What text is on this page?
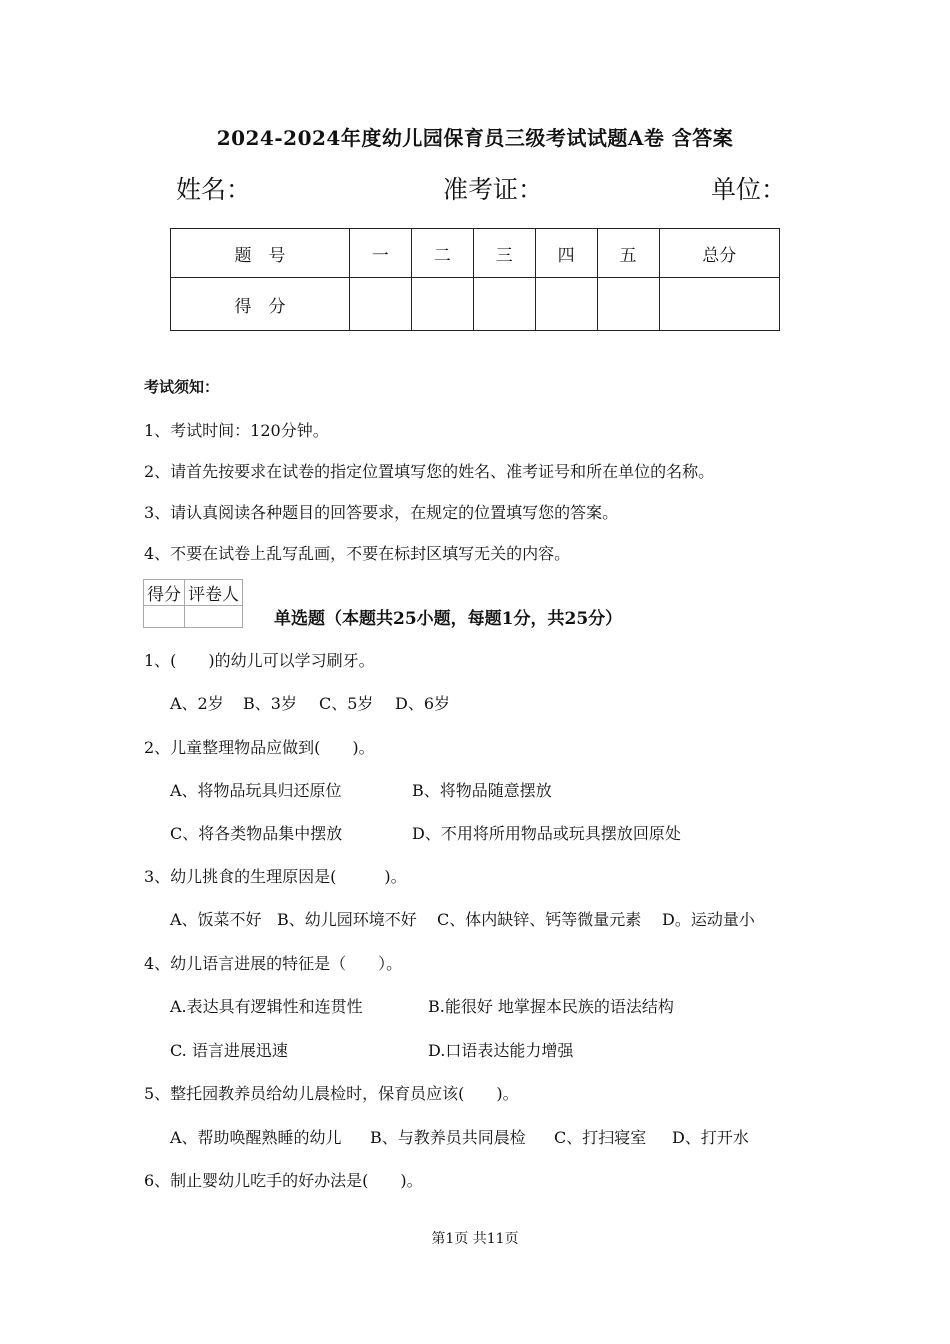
2024-2024年度幼儿园保育员三级考试试题A卷 含答案
姓名：	准考证：	单位：
题　号	一	二	三	四	五	总分
得　分						
考试须知：
1、考试时间：120分钟。
2、请首先按要求在试卷的指定位置填写您的姓名、准考证号和所在单位的名称。
3、请认真阅读各种题目的回答要求，在规定的位置填写您的答案。
4、不要在试卷上乱写乱画，不要在标封区填写无关的内容。
得分	评卷人

单选题（本题共25小题，每题1分，共25分）
1、(　　)的幼儿可以学习刷牙。
A、2岁 B、3岁 C、5岁 D、6岁
2、儿童整理物品应做到(　　)。
A、将物品玩具归还原位	B、将物品随意摆放
C、将各类物品集中摆放	D、不用将所用物品或玩具摆放回原处
3、幼儿挑食的生理原因是(　　　)。
A、饭菜不好 B、幼儿园环境不好 C、体内缺锌、钙等微量元素 D。运动量小
4、幼儿语言进展的特征是（　　）。
A.表达具有逻辑性和连贯性	B.能很好 地掌握本民族的语法结构
C. 语言进展迅速	D.口语表达能力增强
5、整托园教养员给幼儿晨检时，保育员应该(　　)。
A、帮助唤醒熟睡的幼儿 B、与教养员共同晨检 C、打扫寝室 D、打开水
6、制止婴幼儿吃手的好办法是(　　)。
第1页 共11页
